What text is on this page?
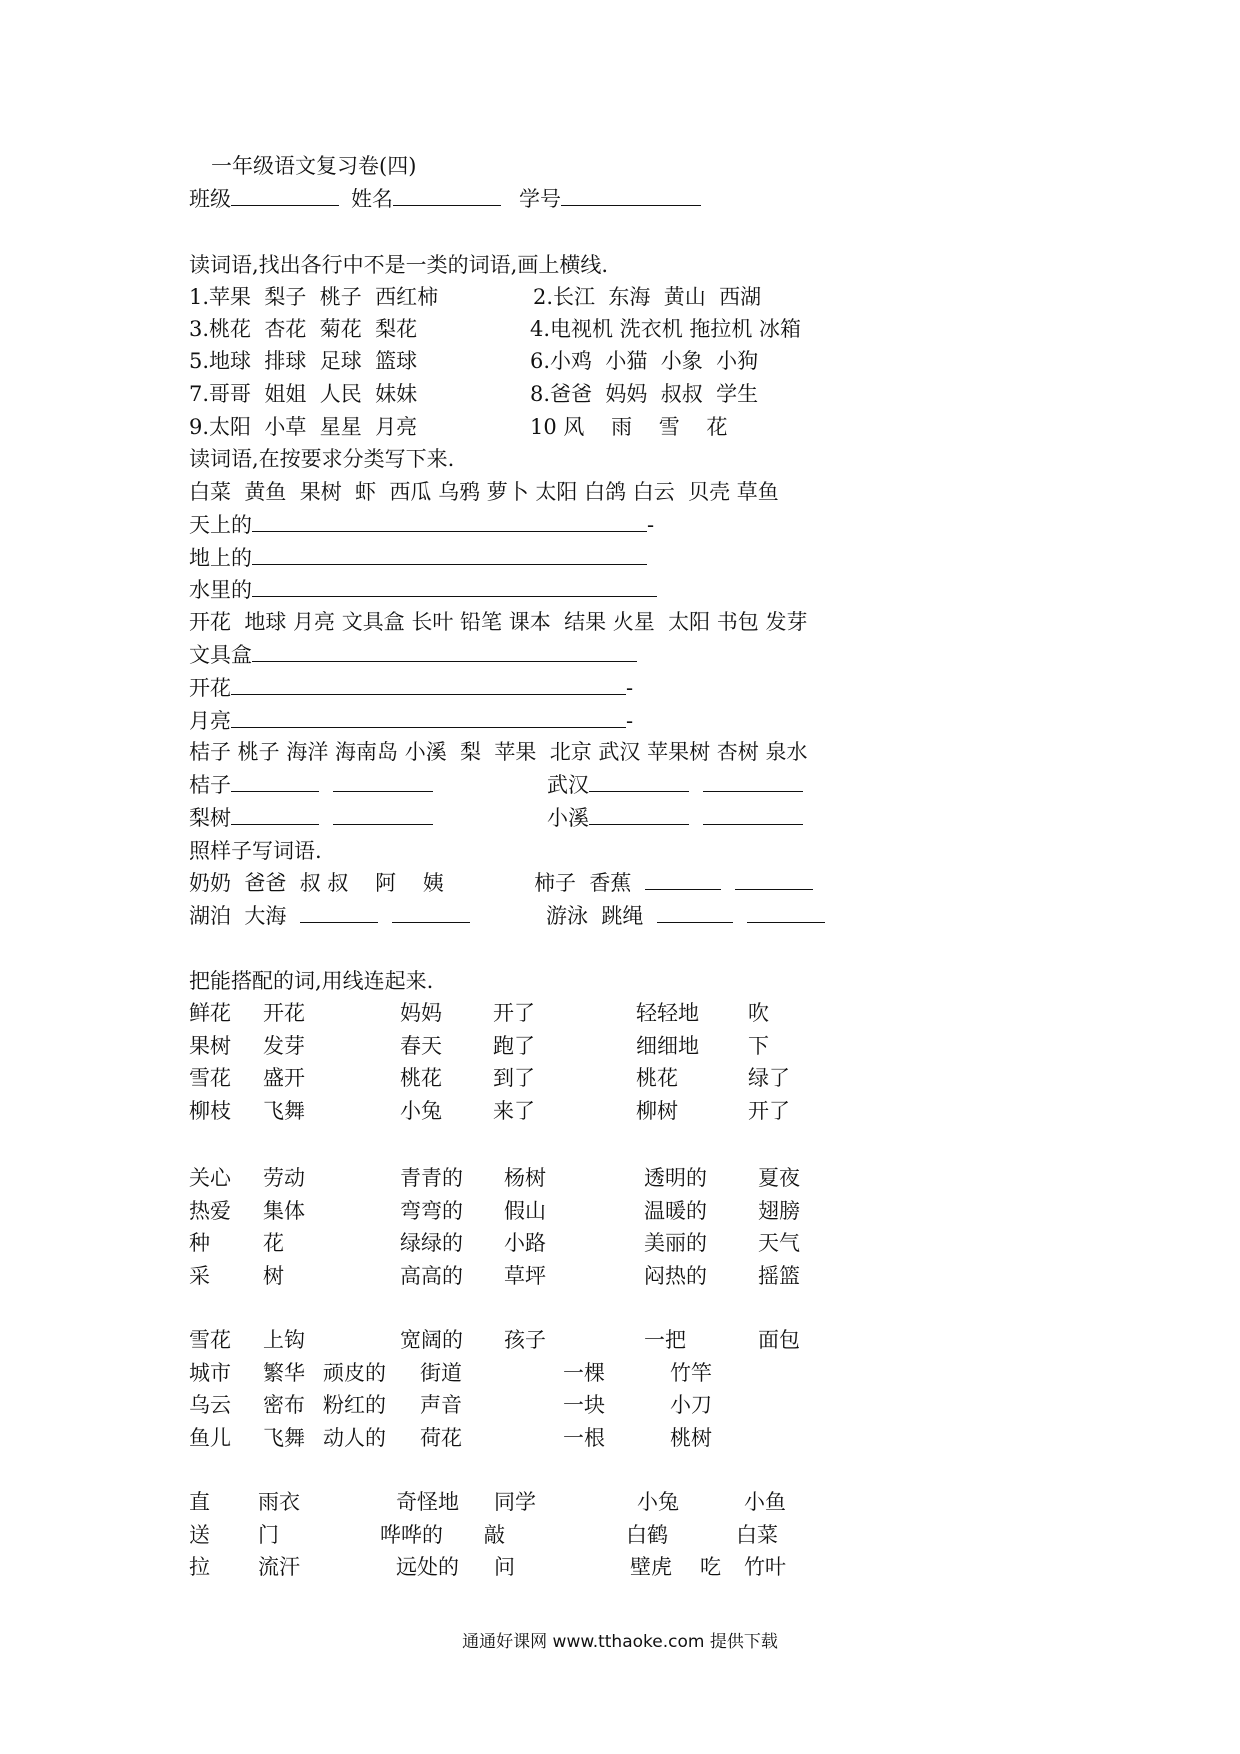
一年级语文复习卷(四)
班级	姓名	学号
读词语,找出各行中不是一类的词语,画上横线.
1.苹果  梨子  桃子  西红柿	2.长江  东海  黄山  西湖
3.桃花  杏花  菊花  梨花	4.电视机 洗衣机 拖拉机 冰箱
5.地球  排球  足球  篮球	6.小鸡  小猫  小象  小狗
7.哥哥  姐姐  人民  妹妹	8.爸爸  妈妈  叔叔  学生
9.太阳  小草  星星  月亮	10 风    雨    雪    花
读词语,在按要求分类写下来.
白菜  黄鱼  果树  虾  西瓜 乌鸦 萝卜 太阳 白鸽 白云  贝壳 草鱼
天上的	-
地上的
水里的
开花  地球 月亮 文具盒 长叶 铅笔 课本  结果 火星  太阳 书包 发芽
文具盒
开花	-
月亮	-
桔子 桃子 海洋 海南岛 小溪  梨  苹果  北京 武汉 苹果树 杏树 泉水
桔子	武汉
梨树	小溪
照样子写词语.
奶奶  爸爸  叔 叔    阿    姨	柿子  香蕉
湖泊  大海	游泳  跳绳
把能搭配的词,用线连起来.
鲜花 开花	妈妈 开了	轻轻地 吹
果树 发芽	春天 跑了	细细地 下
雪花 盛开	桃花 到了	桃花	绿了
柳枝 飞舞	小兔 来了	柳树	开了
关心 劳动	青青的 杨树	透明的 夏夜
热爱 集体	弯弯的 假山	温暖的 翅膀
种	花	绿绿的 小路	美丽的 天气
采	树	高高的 草坪	闷热的 摇篮
雪花 上钩	宽阔的 孩子	一把	面包
城市 繁华 顽皮的 街道	一棵	竹竿
乌云 密布 粉红的 声音	一块	小刀
鱼儿 飞舞 动人的 荷花	一根	桃树
直 雨衣	奇怪地 同学	小兔	小鱼
送 门	哗哗的 敲	白鹤	白菜
拉 流汗	远处的 问	壁虎 吃 竹叶
通通好课网 www.tthaoke.com 提供下载
